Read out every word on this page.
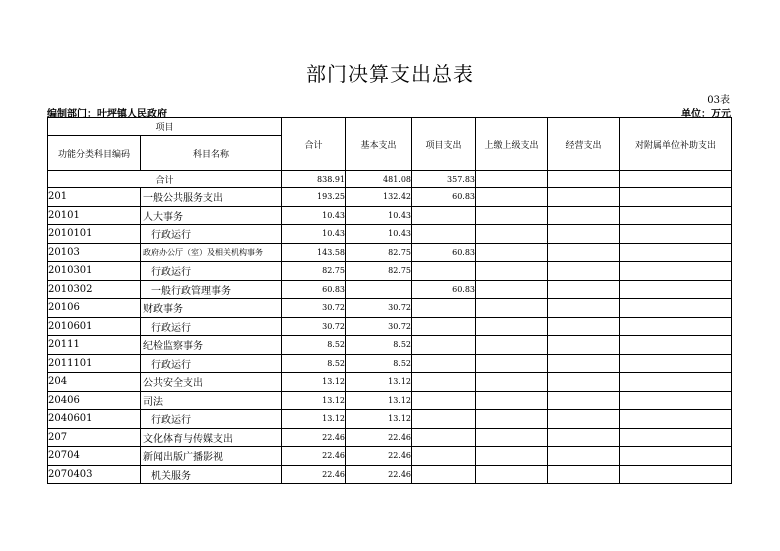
部门决算支出总表
03表
编制部门：叶坪镇人民政府	单位：万元
项目		合计	基本支出	项目支出	上缴上级支出	经营支出	对附属单位补助支出
功能分类科目编码	科目名称						
合计		838.91	481.08	357.83			
201	一般公共服务支出	193.25	132.42	60.83			
20101	人大事务	10.43	10.43				
2010101	行政运行	10.43	10.43				
20103	政府办公厅（室）及相关机构事务	143.58	82.75	60.83			
2010301	行政运行	82.75	82.75				
2010302	一般行政管理事务	60.83		60.83			
20106	财政事务	30.72	30.72				
2010601	行政运行	30.72	30.72				
20111	纪检监察事务	8.52	8.52				
2011101	行政运行	8.52	8.52				
204	公共安全支出	13.12	13.12				
20406	司法	13.12	13.12				
2040601	行政运行	13.12	13.12				
207	文化体育与传媒支出	22.46	22.46				
20704	新闻出版广播影视	22.46	22.46				
2070403	机关服务	22.46	22.46				
